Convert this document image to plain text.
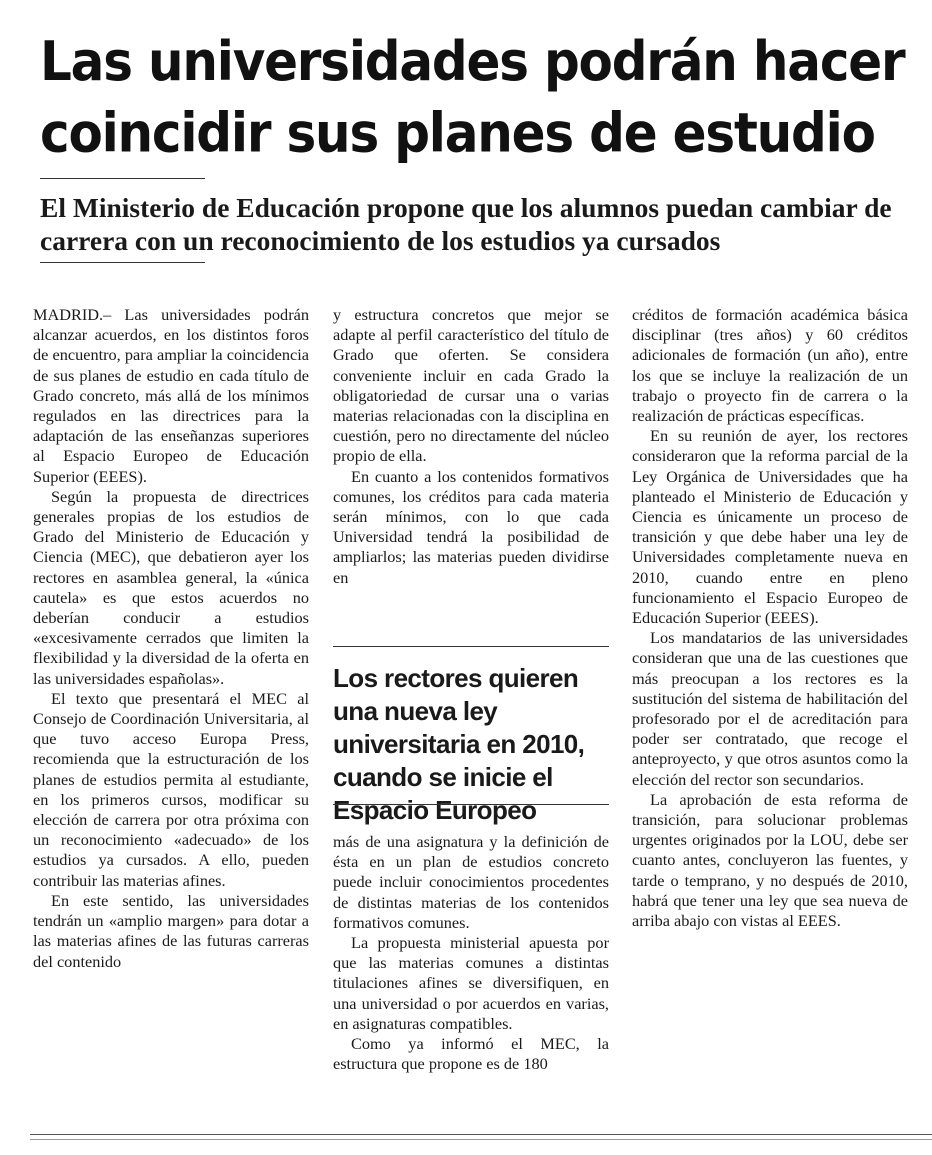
Las universidades podrán hacer coincidir sus planes de estudio
El Ministerio de Educación propone que los alumnos puedan cambiar de carrera con un reconocimiento de los estudios ya cursados

MADRID.– Las universidades podrán alcanzar acuerdos, en los distintos foros de encuentro, para ampliar la coincidencia de sus planes de estudio en cada título de Grado concreto, más allá de los mínimos regulados en las directrices para la adaptación de las enseñanzas superiores al Espacio Europeo de Educación Superior (EEES).

Según la propuesta de directrices generales propias de los estudios de Grado del Ministerio de Educación y Ciencia (MEC), que debatieron ayer los rectores en asamblea general, la «única cautela» es que estos acuerdos no deberían conducir a estudios «excesivamente cerrados que limiten la flexibilidad y la diversidad de la oferta en las universidades españolas».

El texto que presentará el MEC al Consejo de Coordinación Universitaria, al que tuvo acceso Europa Press, recomienda que la estructuración de los planes de estudios permita al estudiante, en los primeros cursos, modificar su elección de carrera por otra próxima con un reconocimiento «adecuado» de los estudios ya cursados. A ello, pueden contribuir las materias afines.

En este sentido, las universidades tendrán un «amplio margen» para dotar a las materias afines de las futuras carreras del contenido

y estructura concretos que mejor se adapte al perfil característico del título de Grado que oferten. Se considera conveniente incluir en cada Grado la obligatoriedad de cursar una o varias materias relacionadas con la disciplina en cuestión, pero no directamente del núcleo propio de ella.

En cuanto a los contenidos formativos comunes, los créditos para cada materia serán mínimos, con lo que cada Universidad tendrá la posibilidad de ampliarlos; las materias pueden dividirse en

más de una asignatura y la definición de ésta en un plan de estudios concreto puede incluir conocimientos procedentes de distintas materias de los contenidos formativos comunes.

La propuesta ministerial apuesta por que las materias comunes a distintas titulaciones afines se diversifiquen, en una universidad o por acuerdos en varias, en asignaturas compatibles.

Como ya informó el MEC, la estructura que propone es de 180

Los rectores quieren una nueva ley universitaria en 2010, cuando se inicie el Espacio Europeo

créditos de formación académica básica disciplinar (tres años) y 60 créditos adicionales de formación (un año), entre los que se incluye la realización de un trabajo o proyecto fin de carrera o la realización de prácticas específicas.

En su reunión de ayer, los rectores consideraron que la reforma parcial de la Ley Orgánica de Universidades que ha planteado el Ministerio de Educación y Ciencia es únicamente un proceso de transición y que debe haber una ley de Universidades completamente nueva en 2010, cuando entre en pleno funcionamiento el Espacio Europeo de Educación Superior (EEES).

Los mandatarios de las universidades consideran que una de las cuestiones que más preocupan a los rectores es la sustitución del sistema de habilitación del profesorado por el de acreditación para poder ser contratado, que recoge el anteproyecto, y que otros asuntos como la elección del rector son secundarios.

La aprobación de esta reforma de transición, para solucionar problemas urgentes originados por la LOU, debe ser cuanto antes, concluyeron las fuentes, y tarde o temprano, y no después de 2010, habrá que tener una ley que sea nueva de arriba abajo con vistas al EEES.
